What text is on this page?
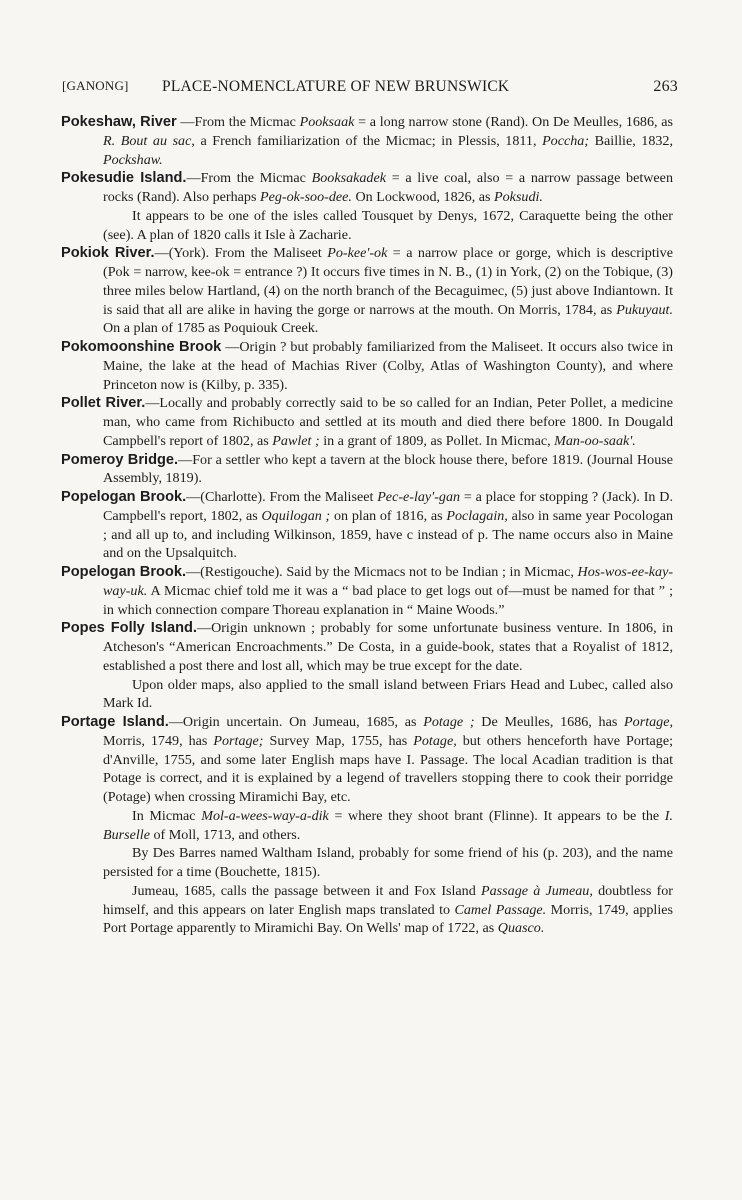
[GANONG] PLACE-NOMENCLATURE OF NEW BRUNSWICK	263

Pokeshaw, River —From the Micmac Pooksaak = a long narrow stone (Rand). On De Meulles, 1686, as R. Bout au sac, a French familiarization of the Micmac; in Plessis, 1811, Poccha; Baillie, 1832, Pockshaw.

Pokesudie Island.—From the Micmac Booksakadek = a live coal, also = a narrow passage between rocks (Rand). Also perhaps Peg-ok-soo-dee. On Lockwood, 1826, as Poksudi.

It appears to be one of the isles called Tousquet by Denys, 1672, Caraquette being the other (see). A plan of 1820 calls it Isle à Zacharie.

Pokiok River.—(York). From the Maliseet Po-kee'-ok = a narrow place or gorge, which is descriptive (Pok = narrow, kee-ok = entrance ?) It occurs five times in N. B., (1) in York, (2) on the Tobique, (3) three miles below Hartland, (4) on the north branch of the Becaguimec, (5) just above Indiantown. It is said that all are alike in having the gorge or narrows at the mouth. On Morris, 1784, as Pukuyaut. On a plan of 1785 as Poquiouk Creek.

Pokomoonshine Brook —Origin ? but probably familiarized from the Maliseet. It occurs also twice in Maine, the lake at the head of Machias River (Colby, Atlas of Washington County), and where Princeton now is (Kilby, p. 335).

Pollet River.—Locally and probably correctly said to be so called for an Indian, Peter Pollet, a medicine man, who came from Richibucto and settled at its mouth and died there before 1800. In Dougald Campbell's report of 1802, as Pawlet ; in a grant of 1809, as Pollet. In Micmac, Man-oo-saak'.

Pomeroy Bridge.—For a settler who kept a tavern at the block house there, before 1819. (Journal House Assembly, 1819).

Popelogan Brook.—(Charlotte). From the Maliseet Pec-e-lay'-gan = a place for stopping ? (Jack). In D. Campbell's report, 1802, as Oquilogan ; on plan of 1816, as Poclagain, also in same year Pocologan ; and all up to, and including Wilkinson, 1859, have c instead of p. The name occurs also in Maine and on the Upsalquitch.

Popelogan Brook.—(Restigouche). Said by the Micmacs not to be Indian ; in Micmac, Hos-wos-ee-kay-way-uk. A Micmac chief told me it was a “ bad place to get logs out of—must be named for that ” ; in which connection compare Thoreau explanation in “ Maine Woods.”

Popes Folly Island.—Origin unknown ; probably for some unfortunate business venture. In 1806, in Atcheson's “American Encroachments.” De Costa, in a guide-book, states that a Royalist of 1812, established a post there and lost all, which may be true except for the date.

Upon older maps, also applied to the small island between Friars Head and Lubec, called also Mark Id.

Portage Island.—Origin uncertain. On Jumeau, 1685, as Potage ; De Meulles, 1686, has Portage, Morris, 1749, has Portage; Survey Map, 1755, has Potage, but others henceforth have Portage; d'Anville, 1755, and some later English maps have I. Passage. The local Acadian tradition is that Potage is correct, and it is explained by a legend of travellers stopping there to cook their porridge (Potage) when crossing Miramichi Bay, etc.

In Micmac Mol-a-wees-way-a-dik = where they shoot brant (Flinne). It appears to be the I. Burselle of Moll, 1713, and others.

By Des Barres named Waltham Island, probably for some friend of his (p. 203), and the name persisted for a time (Bouchette, 1815).

Jumeau, 1685, calls the passage between it and Fox Island Passage à Jumeau, doubtless for himself, and this appears on later English maps translated to Camel Passage. Morris, 1749, applies Port Portage apparently to Miramichi Bay. On Wells' map of 1722, as Quasco.
